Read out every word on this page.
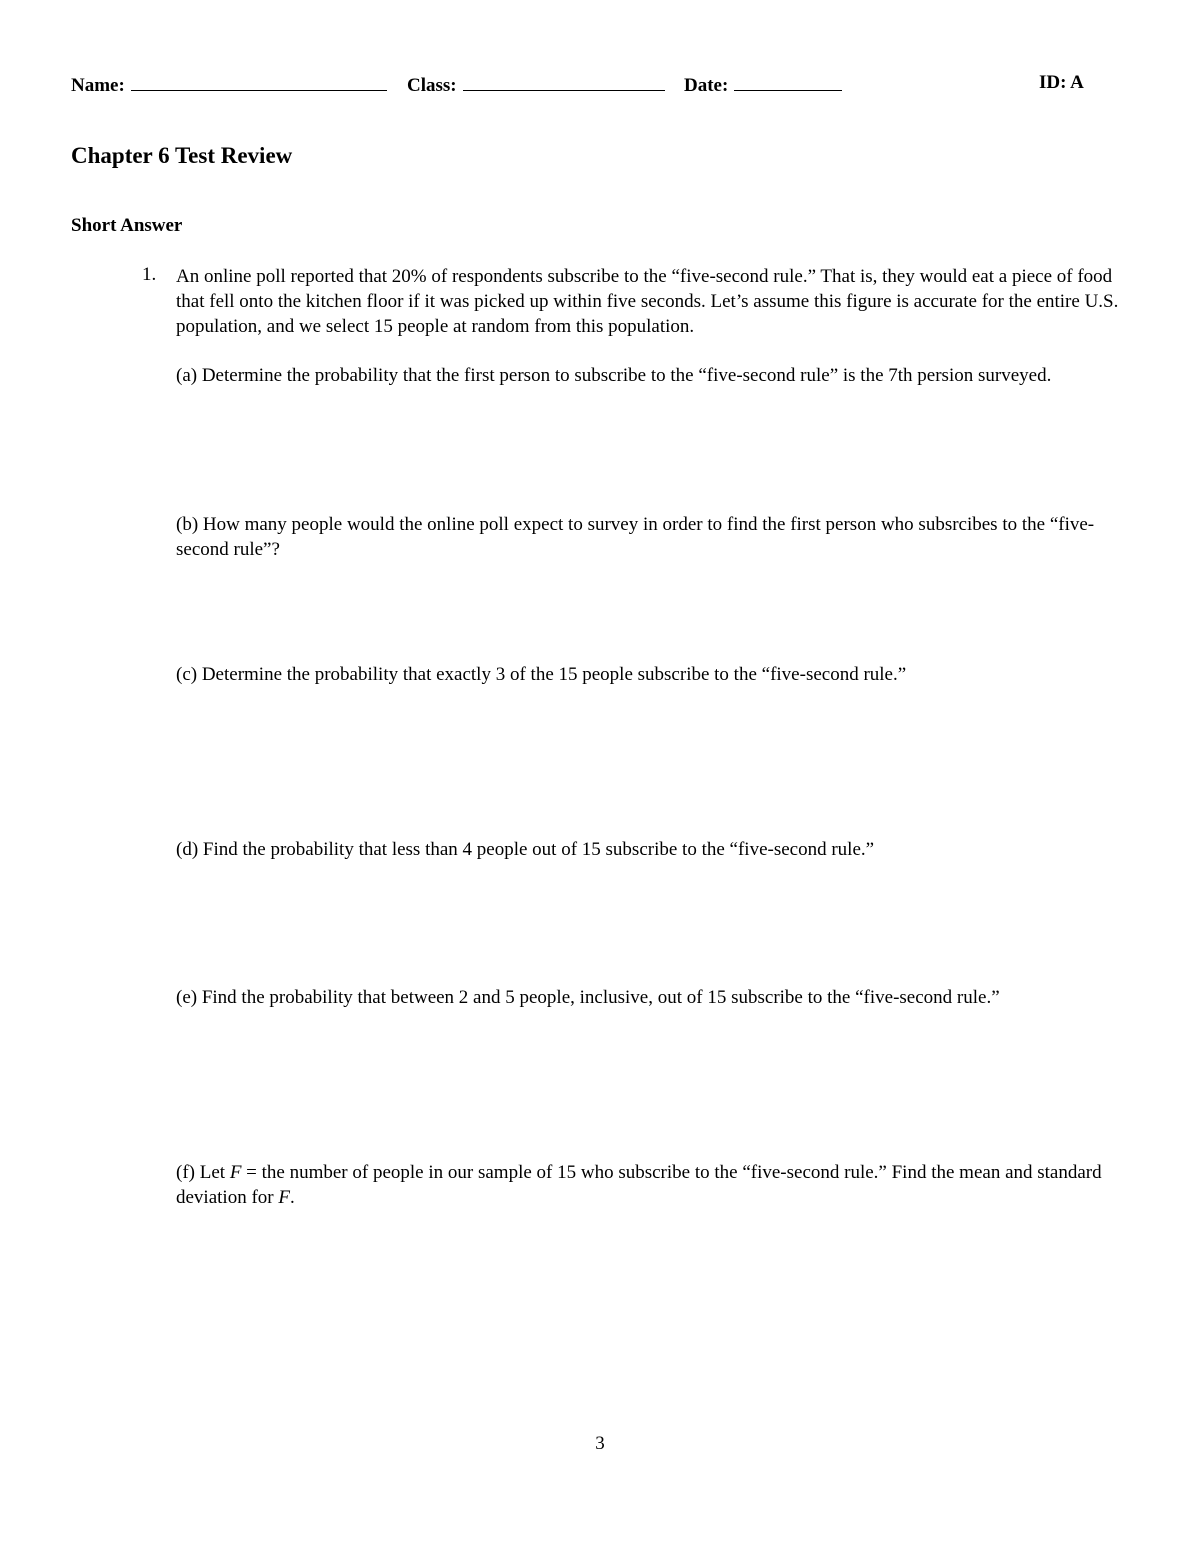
Name:	Class:	Date:	ID: A
Chapter 6 Test Review
Short Answer
1. An online poll reported that 20% of respondents subscribe to the “five-second rule.” That is, they would eat a piece of food that fell onto the kitchen floor if it was picked up within five seconds. Let’s assume this figure is accurate for the entire U.S. population, and we select 15 people at random from this population.
(a) Determine the probability that the first person to subscribe to the “five-second rule” is the 7th persion surveyed.
(b) How many people would the online poll expect to survey in order to find the first person who subsrcibes to the “five-second rule”?
(c) Determine the probability that exactly 3 of the 15 people subscribe to the “five-second rule.”
(d) Find the probability that less than 4 people out of 15 subscribe to the “five-second rule.”
(e) Find the probability that between 2 and 5 people, inclusive, out of 15 subscribe to the “five-second rule.”
(f) Let F = the number of people in our sample of 15 who subscribe to the “five-second rule.” Find the mean and standard deviation for F.
3
